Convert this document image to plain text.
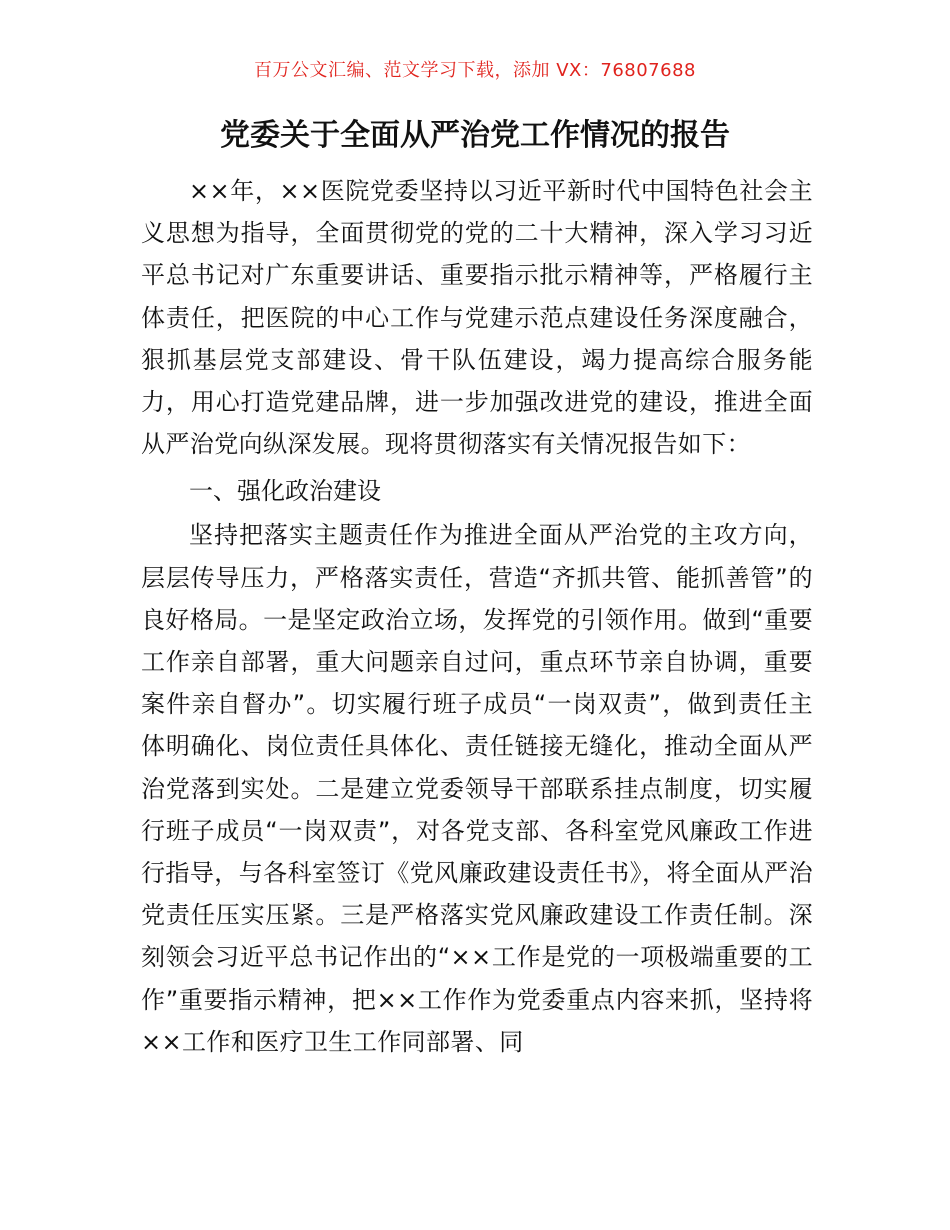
百万公文汇编、范文学习下载，添加 VX：76807688
党委关于全面从严治党工作情况的报告

××年，××医院党委坚持以习近平新时代中国特色社会主义思想为指导，全面贯彻党的党的二十大精神，深入学习习近平总书记对广东重要讲话、重要指示批示精神等，严格履行主体责任，把医院的中心工作与党建示范点建设任务深度融合，狠抓基层党支部建设、骨干队伍建设，竭力提高综合服务能力，用心打造党建品牌，进一步加强改进党的建设，推进全面从严治党向纵深发展。现将贯彻落实有关情况报告如下：

一、强化政治建设

坚持把落实主题责任作为推进全面从严治党的主攻方向，层层传导压力，严格落实责任，营造“齐抓共管、能抓善管”的良好格局。一是坚定政治立场，发挥党的引领作用。做到“重要工作亲自部署，重大问题亲自过问，重点环节亲自协调，重要案件亲自督办”。切实履行班子成员“一岗双责”，做到责任主体明确化、岗位责任具体化、责任链接无缝化，推动全面从严治党落到实处。二是建立党委领导干部联系挂点制度，切实履行班子成员“一岗双责”，对各党支部、各科室党风廉政工作进行指导，与各科室签订《党风廉政建设责任书》，将全面从严治党责任压实压紧。三是严格落实党风廉政建设工作责任制。深刻领会习近平总书记作出的“××工作是党的一项极端重要的工作”重要指示精神，把××工作作为党委重点内容来抓，坚持将××工作和医疗卫生工作同部署、同
